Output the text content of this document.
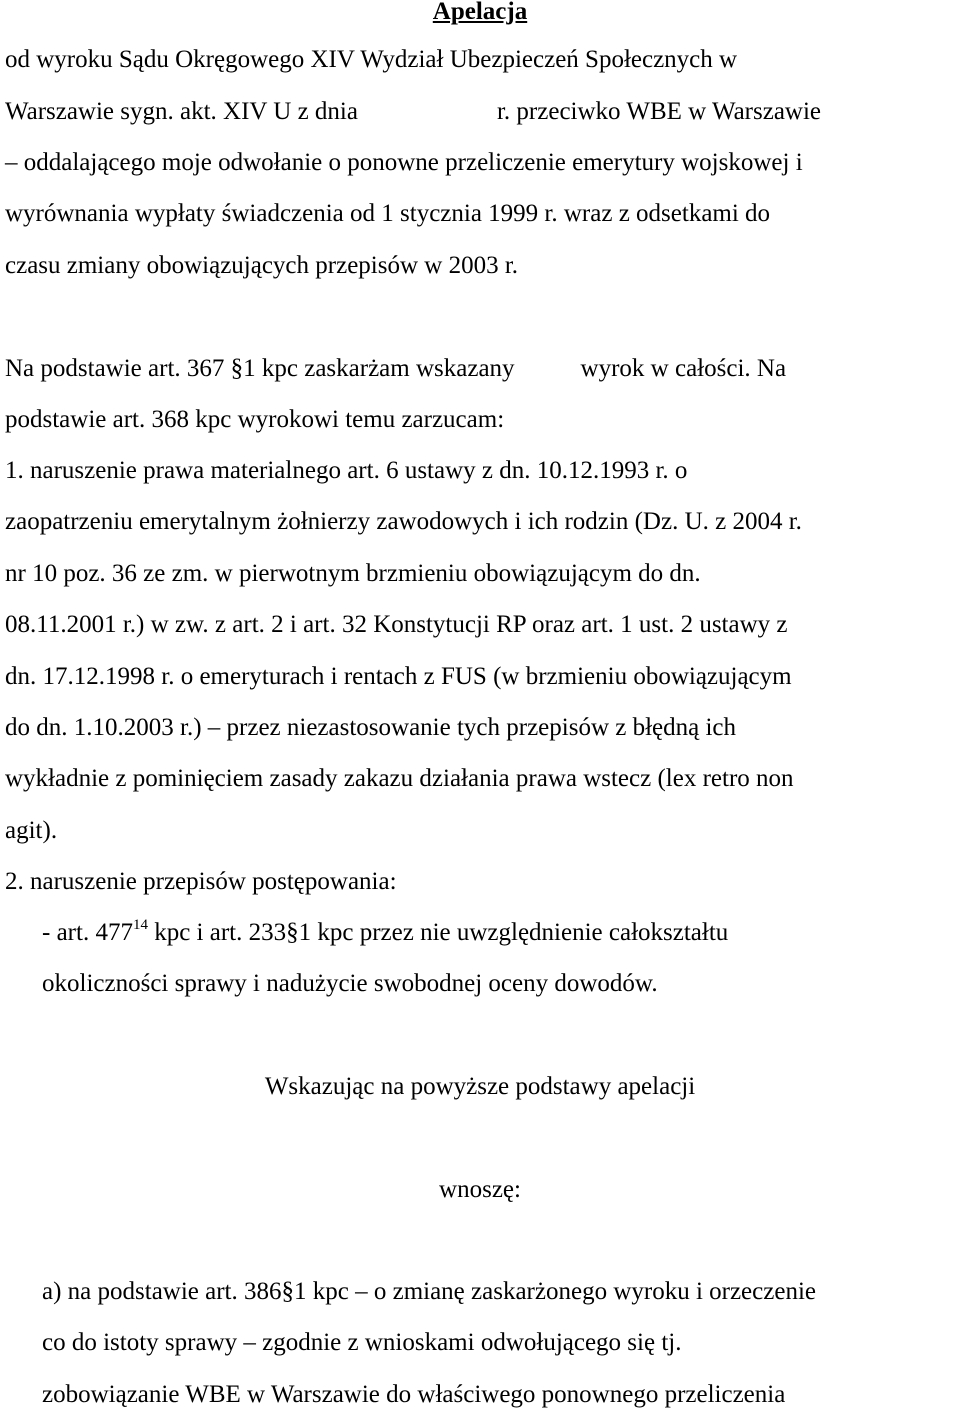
Apelacja
od wyroku Sądu Okręgowego XIV Wydział Ubezpieczeń Społecznych w
Warszawie sygn. akt. XIV U z dnia	r. przeciwko WBE w Warszawie
– oddalającego moje odwołanie o ponowne przeliczenie emerytury wojskowej i
wyrównania wypłaty świadczenia od 1 stycznia 1999 r. wraz z odsetkami do
czasu zmiany obowiązujących przepisów w 2003 r.
Na podstawie art. 367 §1 kpc zaskarżam wskazany	wyrok w całości. Na
podstawie art. 368 kpc wyrokowi temu zarzucam:
1. naruszenie prawa materialnego art. 6 ustawy z dn. 10.12.1993 r. o
zaopatrzeniu emerytalnym żołnierzy zawodowych i ich rodzin (Dz. U. z 2004 r.
nr 10 poz. 36 ze zm. w pierwotnym brzmieniu obowiązującym do dn.
08.11.2001 r.) w zw. z art. 2 i art. 32 Konstytucji RP oraz art. 1 ust. 2 ustawy z
dn. 17.12.1998 r. o emeryturach i rentach z FUS (w brzmieniu obowiązującym
do dn. 1.10.2003 r.) – przez niezastosowanie tych przepisów z błędną ich
wykładnie z pominięciem zasady zakazu działania prawa wstecz (lex retro non
agit).
2. naruszenie przepisów postępowania:
- art. $477^{14}$ kpc i art. 233§1 kpc przez nie uwzględnienie całokształtu
okoliczności sprawy i nadużycie swobodnej oceny dowodów.
Wskazując na powyższe podstawy apelacji
wnoszę:
a) na podstawie art. 386§1 kpc – o zmianę zaskarżonego wyroku i orzeczenie
co do istoty sprawy – zgodnie z wnioskami odwołującego się tj.
zobowiązanie WBE w Warszawie do właściwego ponownego przeliczenia
